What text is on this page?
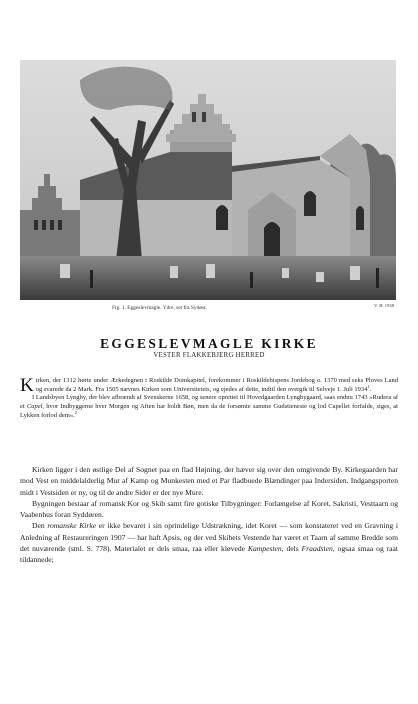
Fig. 1. Eggeslevmagle. Ydre, set fra Sydøst.	V. H. 1938
EGGESLEVMAGLE KIRKE
VESTER FLAKKEBJERG HERRED

Kirken, der 1312 hørte under Ærkedegnen i Roskilde Domkapitel, forekommer i Roskildebispens Jordebog o. 1370 med seks Ploves Land og svarede da 2 Mark. Fra 1505 nævnes Kirken som Universitetets, og ejedes af dette, indtil den overgik til Selveje 1. Juli 1934$^1$.

I Landsbyen Lyngby, der blev afbrændt af Svenskerne 1658, og senere oprettet til Hovedgaarden Lyngbygaard, saas endnu 1743 »Rudera af et Capel, hvor Indbyggerne hver Morgen og Aften har holdt Bøn, men da de forsømte samme Gudstieneste og lod Capellet forfalde, siges, at Lykken forlod dem«.$^2$

Kirken ligger i den østlige Del af Sognet paa en flad Højning, der hæver sig over den omgivende By. Kirkegaarden har mod Vest en middelalderlig Mur af Kamp og Munkesten med et Par fladbuede Blændinger paa Indersiden. Indgangsporten midt i Vestsiden er ny, og til de andre Sider er der nye Mure.

Bygningen bestaar af romansk Kor og Skib samt fire gotiske Tilbygninger: Forlængelse af Koret, Sakristi, Vesttaarn og Vaabenhus foran Syddøren.

Den romanske Kirke er ikke bevaret i sin oprindelige Udstrækning, idet Koret — som konstateret ved en Gravning i Anledning af Restaureringen 1907 — har haft Apsis, og der ved Skibets Vestende har været et Taarn af samme Bredde som det nuværende (sml. S. 778). Materialet er dels smaa, raa eller kløvede Kampesten, dels Fraadsten, ogsaa smaa og raat tildannede;
